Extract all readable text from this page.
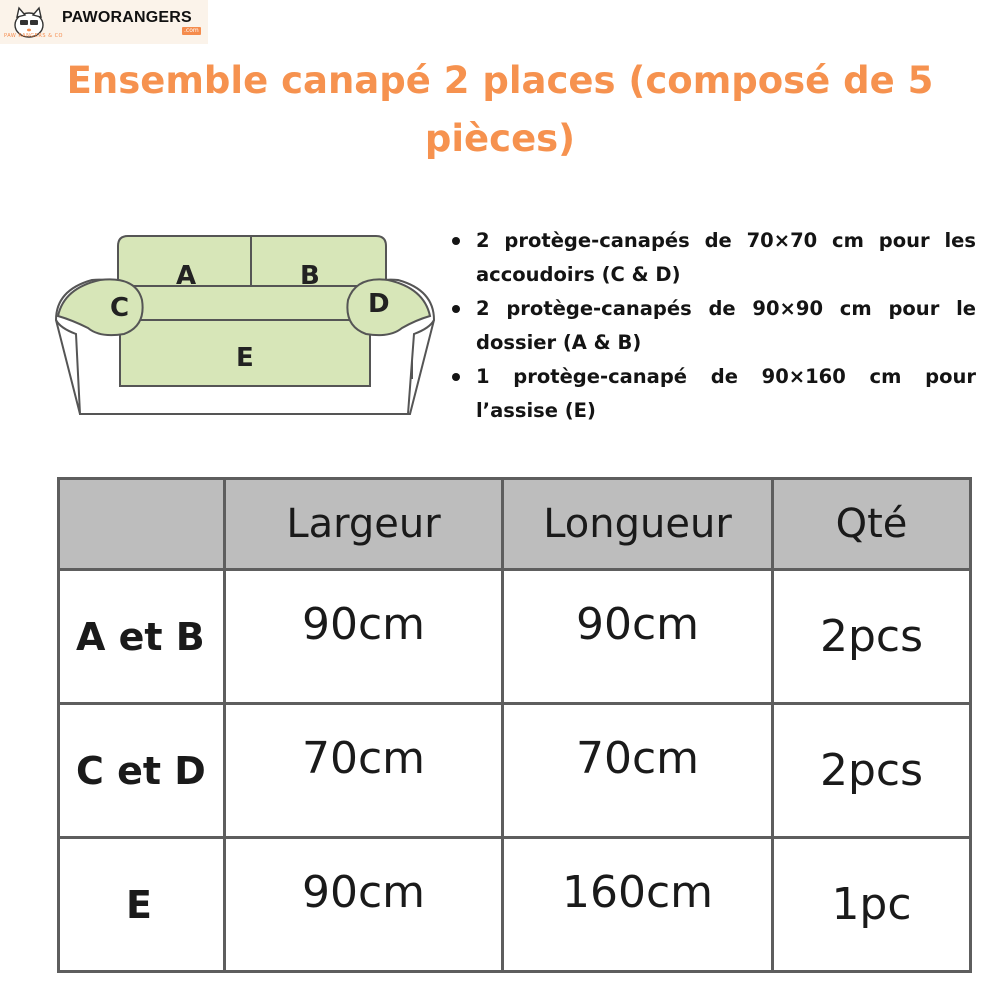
PAWORANGERS
.com
PAW RANGERS & CO
Ensemble canapé 2 places (composé de 5 pièces)
A	B
C	D
E
2 protège-canapés de 70×70 cm pour les accoudoirs (C & D)
2 protège-canapés de 90×90 cm pour le dossier (A & B)
1 protège-canapé de 90×160 cm pour l’assise (E)
	Largeur	Longueur	Qté
A et B	90cm	90cm	2pcs
C et D	70cm	70cm	2pcs
E	90cm	160cm	1pc
